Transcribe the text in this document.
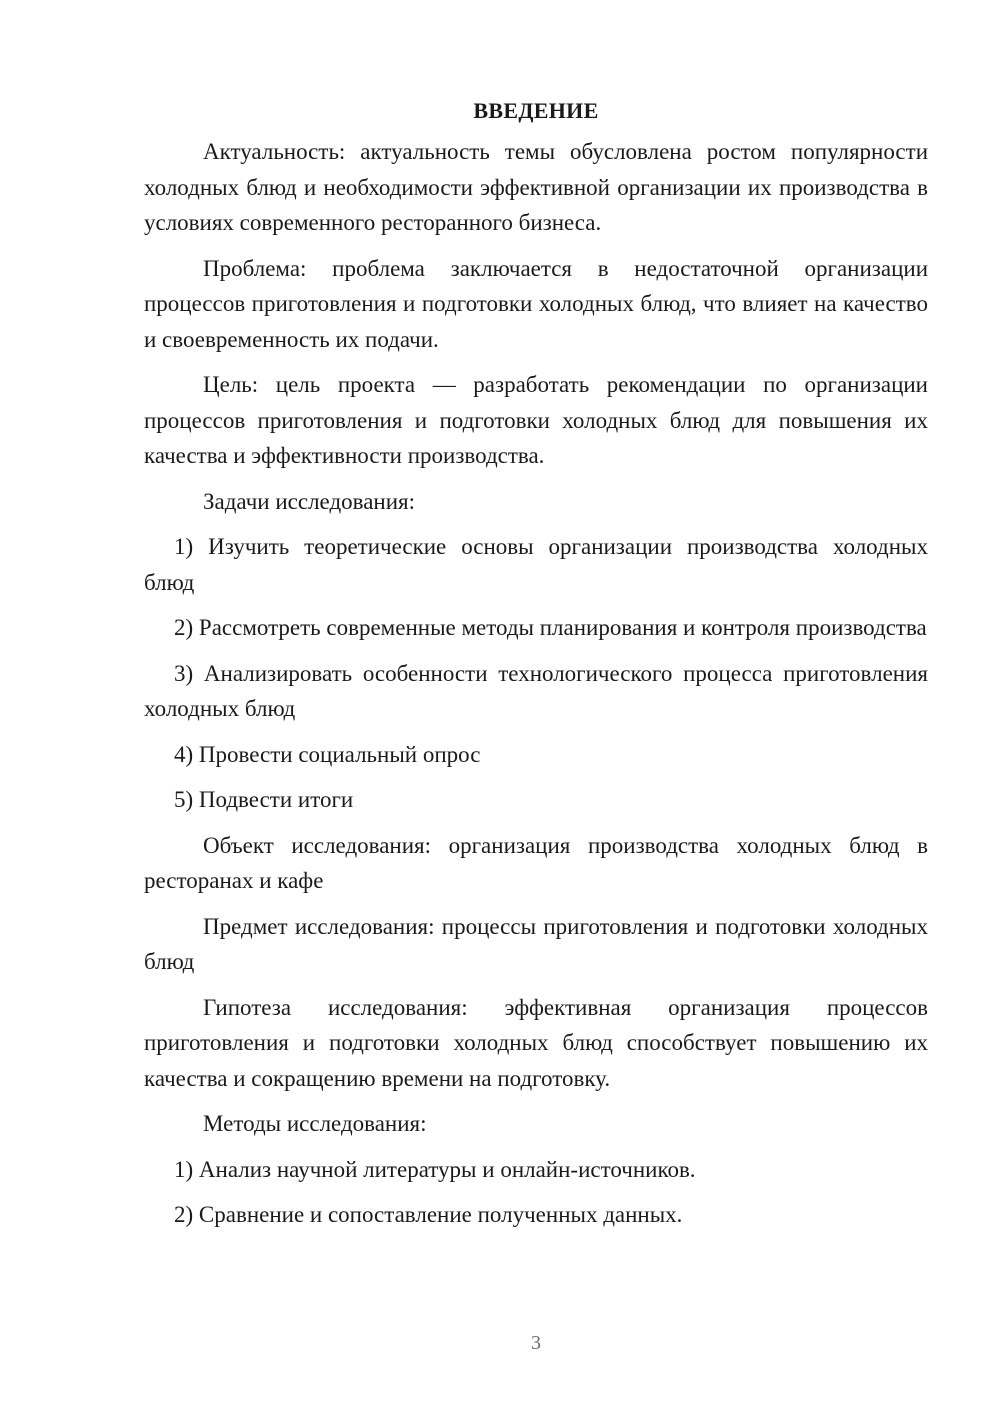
ВВЕДЕНИЕ

Актуальность: актуальность темы обусловлена ростом популярности холодных блюд и необходимости эффективной организации их производства в условиях современного ресторанного бизнеса.

Проблема: проблема заключается в недостаточной организации процессов приготовления и подготовки холодных блюд, что влияет на качество и своевременность их подачи.

Цель: цель проекта — разработать рекомендации по организации процессов приготовления и подготовки холодных блюд для повышения их качества и эффективности производства.

Задачи исследования:

1) Изучить теоретические основы организации производства холодных блюд

2) Рассмотреть современные методы планирования и контроля производства

3) Анализировать особенности технологического процесса приготовления холодных блюд

4) Провести социальный опрос

5) Подвести итоги

Объект исследования: организация производства холодных блюд в ресторанах и кафе

Предмет исследования: процессы приготовления и подготовки холодных блюд

Гипотеза исследования: эффективная организация процессов приготовления и подготовки холодных блюд способствует повышению их качества и сокращению времени на подготовку.

Методы исследования:

1) Анализ научной литературы и онлайн-источников.

2) Сравнение и сопоставление полученных данных.

3
